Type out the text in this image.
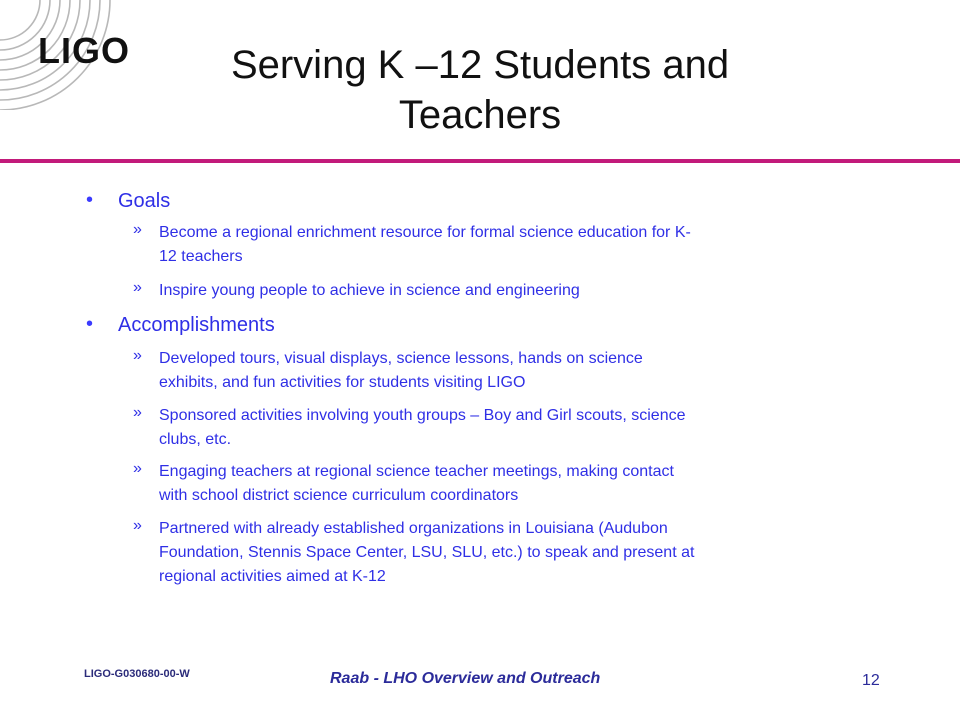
LIGO	Serving K –12 Students and
Teachers
• Goals
» Become a regional enrichment resource for formal science education for K-
12 teachers
» Inspire young people to achieve in science and engineering
• Accomplishments
» Developed tours, visual displays, science lessons, hands on science
exhibits, and fun activities for students visiting LIGO
» Sponsored activities involving youth groups – Boy and Girl scouts, science
clubs, etc.
» Engaging teachers at regional science teacher meetings, making contact
with school district science curriculum coordinators
» Partnered with already established organizations in Louisiana (Audubon
Foundation, Stennis Space Center, LSU, SLU, etc.) to speak and present at
regional activities aimed at K-12
LIGO-G030680-00-W	Raab - LHO Overview and Outreach	12
